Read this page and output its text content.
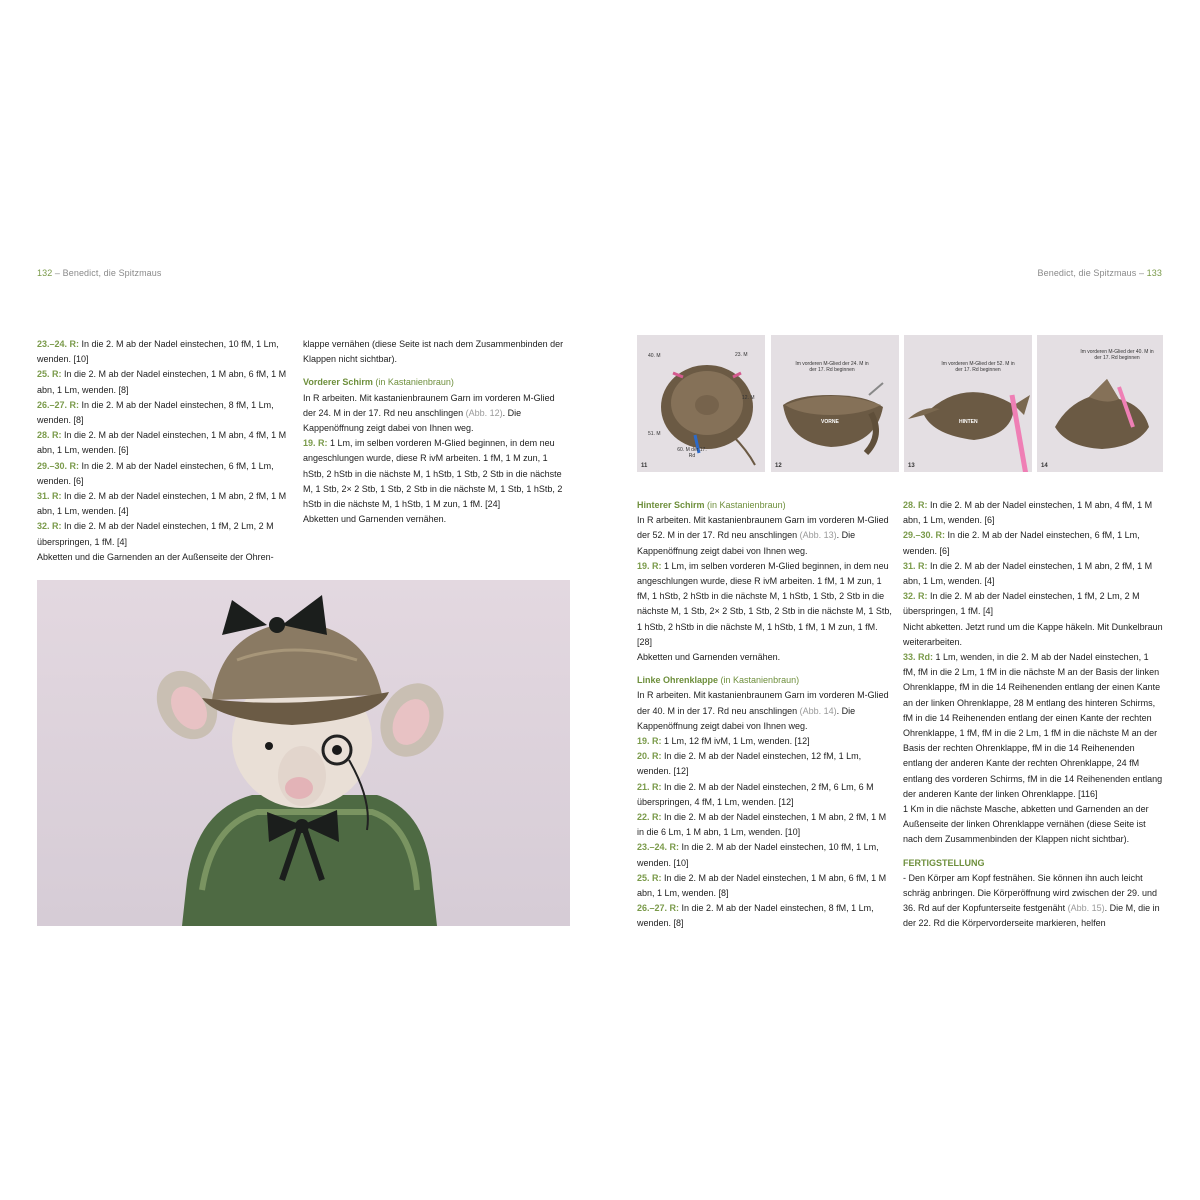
132 – Benedict, die Spitzmaus	Benedict, die Spitzmaus – 133

23.–24. R: In die 2. M ab der Nadel einstechen, 10 fM, 1 Lm, wenden. [10]

25. R: In die 2. M ab der Nadel einstechen, 1 M abn, 6 fM, 1 M abn, 1 Lm, wenden. [8]

26.–27. R: In die 2. M ab der Nadel einstechen, 8 fM, 1 Lm, wenden. [8]

28. R: In die 2. M ab der Nadel einstechen, 1 M abn, 4 fM, 1 M abn, 1 Lm, wenden. [6]

29.–30. R: In die 2. M ab der Nadel einstechen, 6 fM, 1 Lm, wenden. [6]

31. R: In die 2. M ab der Nadel einstechen, 1 M abn, 2 fM, 1 M abn, 1 Lm, wenden. [4]

32. R: In die 2. M ab der Nadel einstechen, 1 fM, 2 Lm, 2 M überspringen, 1 fM. [4]

Abketten und die Garnenden an der Außenseite der Ohren-

klappe vernähen (diese Seite ist nach dem Zusammenbinden der Klappen nicht sichtbar).

Vorderer Schirm (in Kastanienbraun)

In R arbeiten. Mit kastanienbraunem Garn im vorderen M-Glied der 24. M in der 17. Rd neu anschlingen (Abb. 12). Die Kappenöffnung zeigt dabei von Ihnen weg.

19. R: 1 Lm, im selben vorderen M-Glied beginnen, in dem neu angeschlungen wurde, diese R ivM arbeiten. 1 fM, 1 M zun, 1 hStb, 2 hStb in die nächste M, 1 hStb, 1 Stb, 2 Stb in die nächste M, 1 Stb, 2× 2 Stb, 1 Stb, 2 Stb in die nächste M, 1 Stb, 1 hStb, 2 hStb in die nächste M, 1 hStb, 1 M zun, 1 fM. [24]

Abketten und Garnenden vernähen.

40. M	23. M
12. M
51. M
60. M der 17. Rd
11
Im vorderen M-Glied der 24. M in der 17. Rd beginnen
VORNE
12
Im vorderen M-Glied der 52. M in der 17. Rd beginnen
HINTEN
13
Im vorderen M-Glied der 40. M in der 17. Rd beginnen
14

Hinterer Schirm (in Kastanienbraun)

In R arbeiten. Mit kastanienbraunem Garn im vorderen M-Glied der 52. M in der 17. Rd neu anschlingen (Abb. 13). Die Kappenöffnung zeigt dabei von Ihnen weg.

19. R: 1 Lm, im selben vorderen M-Glied beginnen, in dem neu angeschlungen wurde, diese R ivM arbeiten. 1 fM, 1 M zun, 1 fM, 1 hStb, 2 hStb in die nächste M, 1 hStb, 1 Stb, 2 Stb in die nächste M, 1 Stb, 2× 2 Stb, 1 Stb, 2 Stb in die nächste M, 1 Stb, 1 hStb, 2 hStb in die nächste M, 1 hStb, 1 fM, 1 M zun, 1 fM. [28]

Abketten und Garnenden vernähen.

Linke Ohrenklappe (in Kastanienbraun)

In R arbeiten. Mit kastanienbraunem Garn im vorderen M-Glied der 40. M in der 17. Rd neu anschlingen (Abb. 14). Die Kappenöffnung zeigt dabei von Ihnen weg.

19. R: 1 Lm, 12 fM ivM, 1 Lm, wenden. [12]

20. R: In die 2. M ab der Nadel einstechen, 12 fM, 1 Lm, wenden. [12]

21. R: In die 2. M ab der Nadel einstechen, 2 fM, 6 Lm, 6 M überspringen, 4 fM, 1 Lm, wenden. [12]

22. R: In die 2. M ab der Nadel einstechen, 1 M abn, 2 fM, 1 M in die 6 Lm, 1 M abn, 1 Lm, wenden. [10]

23.–24. R: In die 2. M ab der Nadel einstechen, 10 fM, 1 Lm, wenden. [10]

25. R: In die 2. M ab der Nadel einstechen, 1 M abn, 6 fM, 1 M abn, 1 Lm, wenden. [8]

26.–27. R: In die 2. M ab der Nadel einstechen, 8 fM, 1 Lm, wenden. [8]

28. R: In die 2. M ab der Nadel einstechen, 1 M abn, 4 fM, 1 M abn, 1 Lm, wenden. [6]

29.–30. R: In die 2. M ab der Nadel einstechen, 6 fM, 1 Lm, wenden. [6]

31. R: In die 2. M ab der Nadel einstechen, 1 M abn, 2 fM, 1 M abn, 1 Lm, wenden. [4]

32. R: In die 2. M ab der Nadel einstechen, 1 fM, 2 Lm, 2 M überspringen, 1 fM. [4]

Nicht abketten. Jetzt rund um die Kappe häkeln. Mit Dunkelbraun weiterarbeiten.

33. Rd: 1 Lm, wenden, in die 2. M ab der Nadel einstechen, 1 fM, fM in die 2 Lm, 1 fM in die nächste M an der Basis der linken Ohrenklappe, fM in die 14 Reihenenden entlang der einen Kante an der linken Ohrenklappe, 28 M entlang des hinteren Schirms, fM in die 14 Reihenenden entlang der einen Kante der rechten Ohrenklappe, 1 fM, fM in die 2 Lm, 1 fM in die nächste M an der Basis der rechten Ohrenklappe, fM in die 14 Reihenenden entlang der anderen Kante der rechten Ohrenklappe, 24 fM entlang des vorderen Schirms, fM in die 14 Reihenenden entlang der anderen Kante der linken Ohrenklappe. [116]

1 Km in die nächste Masche, abketten und Garnenden an der Außenseite der linken Ohrenklappe vernähen (diese Seite ist nach dem Zusammenbinden der Klappen nicht sichtbar).

FERTIGSTELLUNG

- Den Körper am Kopf festnähen. Sie können ihn auch leicht schräg anbringen. Die Körperöffnung wird zwischen der 29. und 36. Rd auf der Kopfunterseite festgenäht (Abb. 15). Die M, die in der 22. Rd die Körpervorderseite markieren, helfen
